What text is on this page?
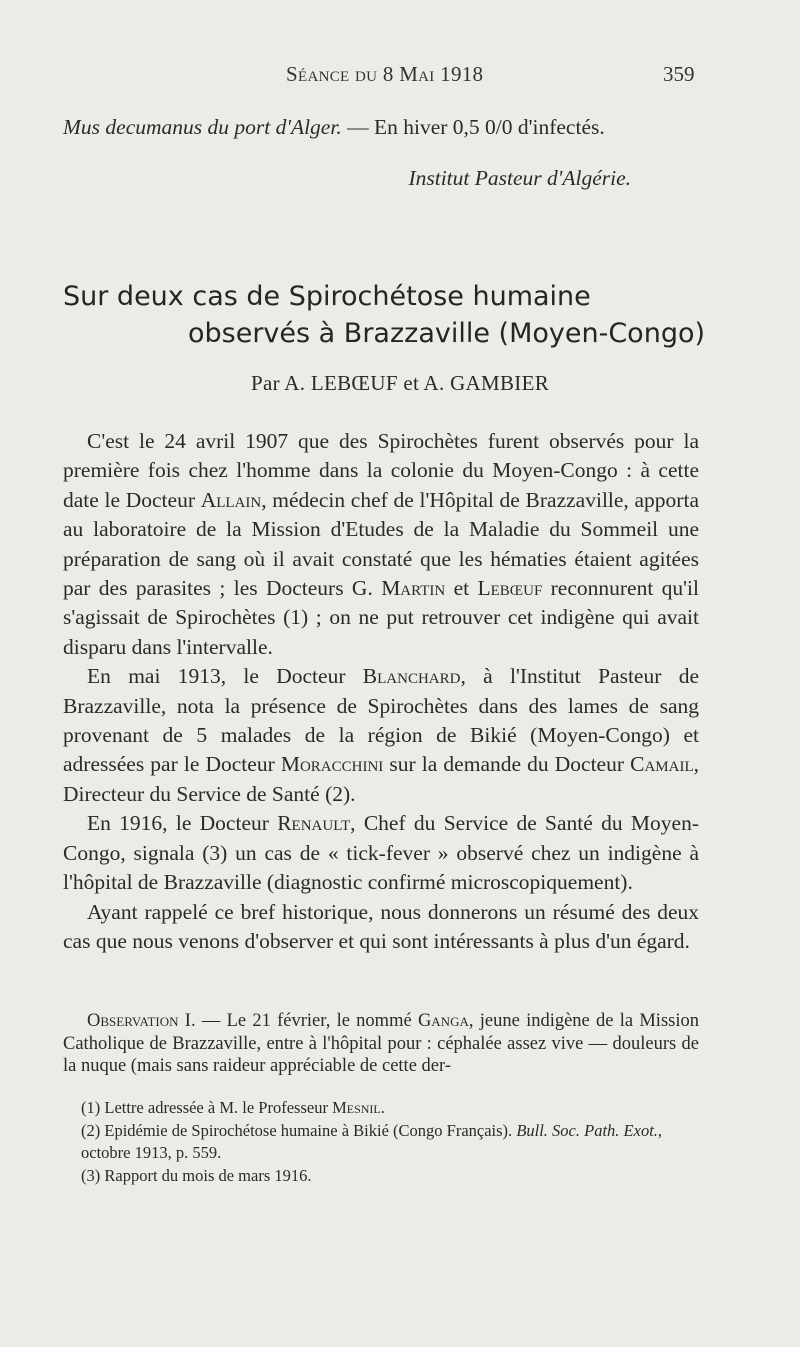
Séance du 8 Mai 1918	359

Mus decumanus du port d'Alger. — En hiver 0,5 0/0 d'infectés.

Institut Pasteur d'Algérie.
Sur deux cas de Spirochétose humaine
observés à Brazzaville (Moyen-Congo)
Par A. LEBŒUF et A. GAMBIER

C'est le 24 avril 1907 que des Spirochètes furent observés pour la première fois chez l'homme dans la colonie du Moyen-Congo : à cette date le Docteur Allain, médecin chef de l'Hôpital de Brazzaville, apporta au laboratoire de la Mission d'Etudes de la Maladie du Sommeil une préparation de sang où il avait constaté que les hématies étaient agitées par des parasites ; les Docteurs G. Martin et Lebœuf reconnurent qu'il s'agissait de Spirochètes (1) ; on ne put retrouver cet indigène qui avait disparu dans l'intervalle.

En mai 1913, le Docteur Blanchard, à l'Institut Pasteur de Brazzaville, nota la présence de Spirochètes dans des lames de sang provenant de 5 malades de la région de Bikié (Moyen-Congo) et adressées par le Docteur Moracchini sur la demande du Docteur Camail, Directeur du Service de Santé (2).

En 1916, le Docteur Renault, Chef du Service de Santé du Moyen-Congo, signala (3) un cas de « tick-fever » observé chez un indigène à l'hôpital de Brazzaville (diagnostic confirmé microscopiquement).

Ayant rappelé ce bref historique, nous donnerons un résumé des deux cas que nous venons d'observer et qui sont intéressants à plus d'un égard.

Observation I. — Le 21 février, le nommé Ganga, jeune indigène de la Mission Catholique de Brazzaville, entre à l'hôpital pour : céphalée assez vive — douleurs de la nuque (mais sans raideur appréciable de cette der-

(1) Lettre adressée à M. le Professeur Mesnil.

(2) Epidémie de Spirochétose humaine à Bikié (Congo Français). Bull. Soc. Path. Exot., octobre 1913, p. 559.

(3) Rapport du mois de mars 1916.
